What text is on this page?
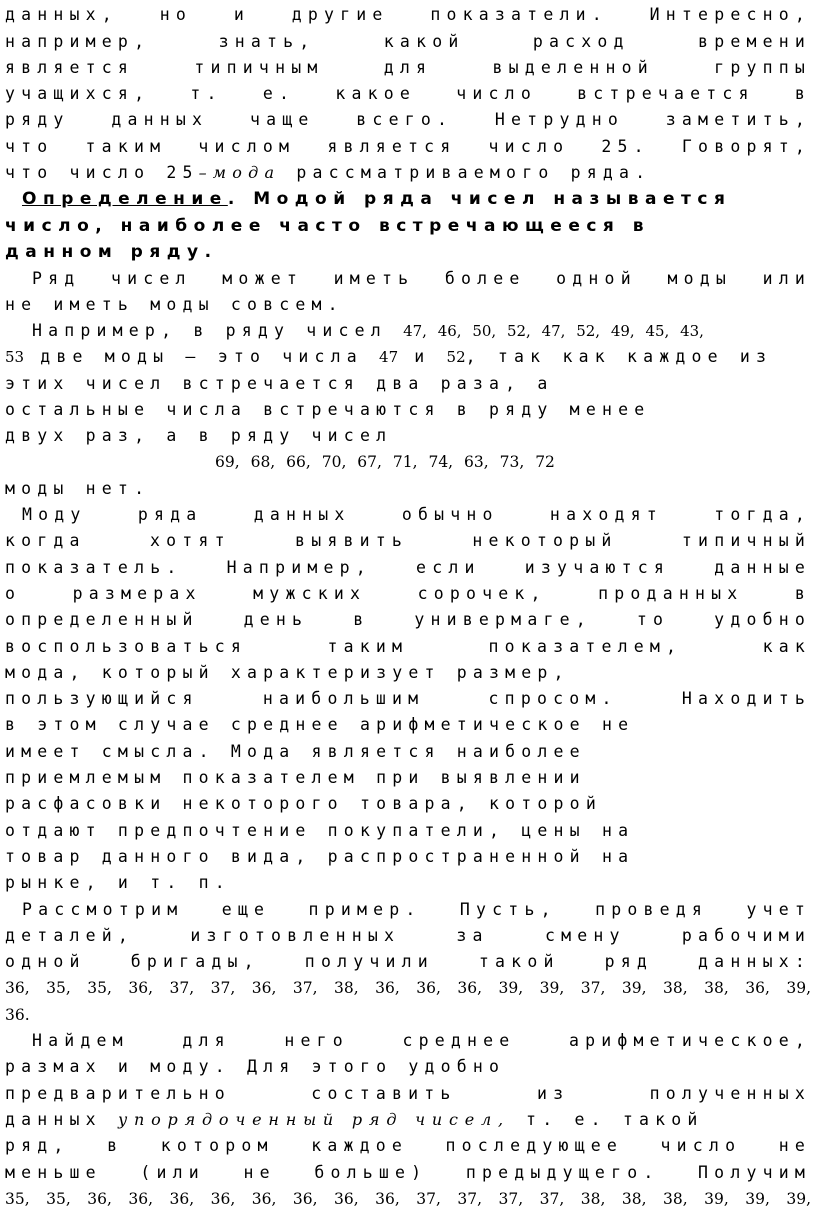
данных, но и другие показатели. Интересно,
например, знать, какой расход времени
является типичным для выделенной группы
учащихся, т. е. какое число встречается в
ряду данных чаще всего. Нетрудно заметить,
что таким числом является число 25. Говорят,
что число 25–мода рассматриваемого ряда.
Определение. Модой ряда чисел называется
число, наиболее часто встречающееся в
данном ряду.
Ряд чисел может иметь более одной моды или
не иметь моды совсем.
Например, в ряду чисел 47, 46, 50, 52, 47, 52, 49, 45, 43,
53 две моды – это числа 47 и 52, так как каждое из
этих чисел встречается два раза, а
остальные числа встречаются в ряду менее
двух раз, а в ряду чисел
69, 68, 66, 70, 67, 71, 74, 63, 73, 72
моды нет.
Моду ряда данных обычно находят тогда,
когда хотят выявить некоторый типичный
показатель. Например, если изучаются данные
о размерах мужских сорочек, проданных в
определенный день в универмаге, то удобно
воспользоваться таким показателем, как
мода, который характеризует размер,
пользующийся наибольшим спросом. Находить
в этом случае среднее арифметическое не
имеет смысла. Мода является наиболее
приемлемым показателем при выявлении
расфасовки некоторого товара, которой
отдают предпочтение покупатели, цены на
товар данного вида, распространенной на
рынке, и т. п.
Рассмотрим еще пример. Пусть, проведя учет
деталей, изготовленных за смену рабочими
одной бригады, получили такой ряд данных:
36, 35, 35, 36, 37, 37, 36, 37, 38, 36, 36, 36, 39, 39, 37, 39, 38, 38, 36, 39,
36.
Найдем для него среднее арифметическое,
размах и моду. Для этого удобно
предварительно составить из полученных
данных упорядоченный ряд чисел, т. е. такой
ряд, в котором каждое последующее число не
меньше (или не больше) предыдущего. Получим
35, 35, 36, 36, 36, 36, 36, 36, 36, 36, 37, 37, 37, 37, 38, 38, 38, 39, 39, 39,
